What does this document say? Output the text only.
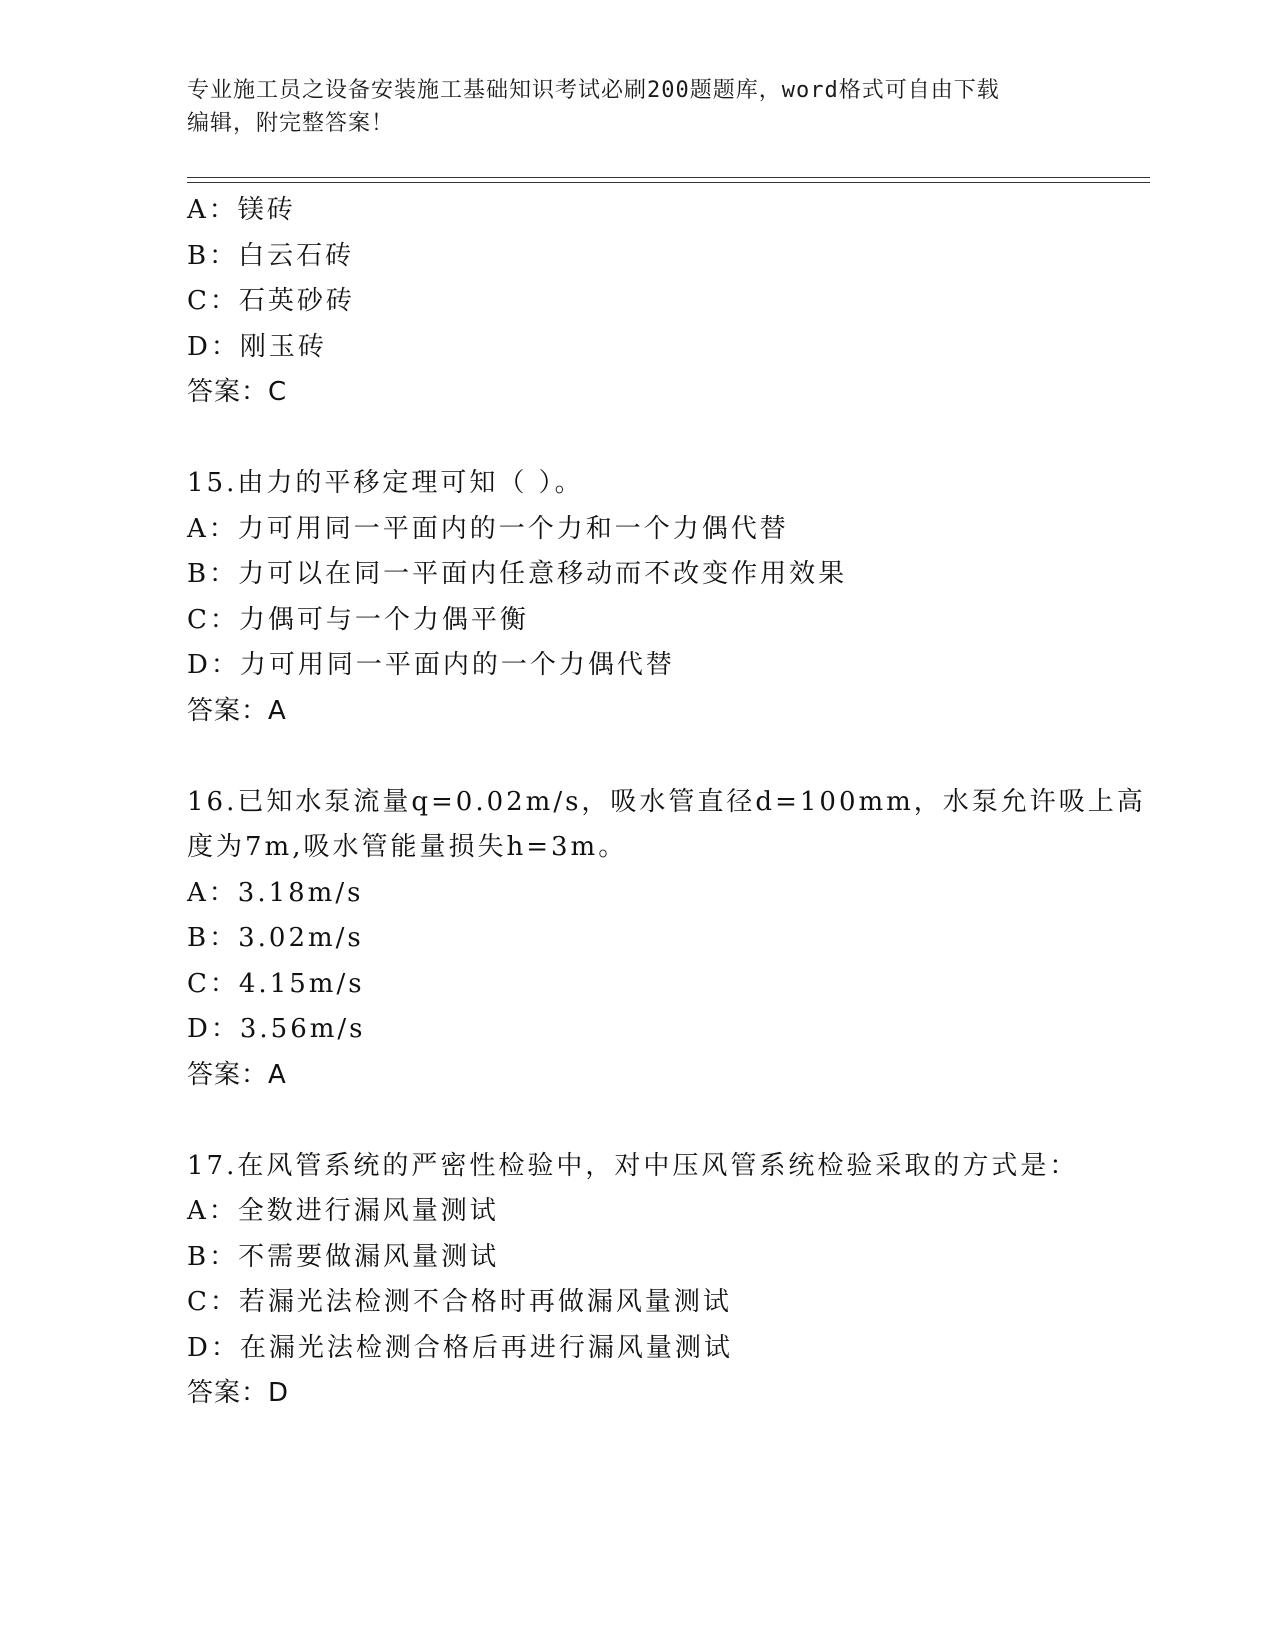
专业施工员之设备安装施工基础知识考试必刷200题题库，word格式可自由下载
编辑，附完整答案！
A：镁砖
B：白云石砖
C：石英砂砖
D：刚玉砖
答案：C
15.由力的平移定理可知（ ）。
A：力可用同一平面内的一个力和一个力偶代替
B：力可以在同一平面内任意移动而不改变作用效果
C：力偶可与一个力偶平衡
D：力可用同一平面内的一个力偶代替
答案：A
16.已知水泵流量q=0.02m/s，吸水管直径d=100mm，水泵允许吸上高
度为7m,吸水管能量损失h=3m。
A：3.18m/s
B：3.02m/s
C：4.15m/s
D：3.56m/s
答案：A
17.在风管系统的严密性检验中，对中压风管系统检验采取的方式是：
A：全数进行漏风量测试
B：不需要做漏风量测试
C：若漏光法检测不合格时再做漏风量测试
D：在漏光法检测合格后再进行漏风量测试
答案：D
